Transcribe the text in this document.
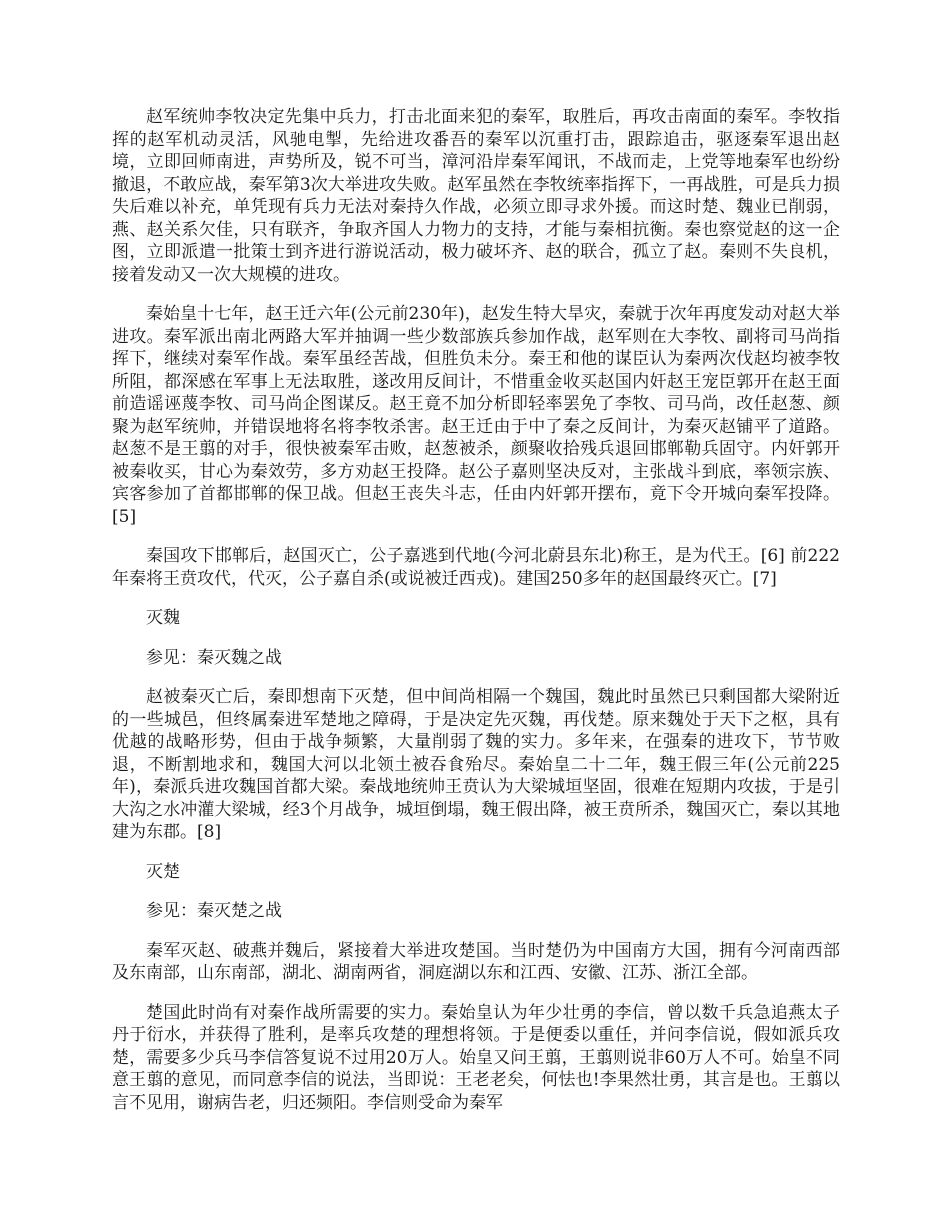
赵军统帅李牧决定先集中兵力，打击北面来犯的秦军，取胜后，再攻击南面的秦军。李牧指挥的赵军机动灵活，风驰电掣，先给进攻番吾的秦军以沉重打击，跟踪追击，驱逐秦军退出赵境，立即回师南进，声势所及，锐不可当，漳河沿岸秦军闻讯，不战而走，上党等地秦军也纷纷撤退，不敢应战，秦军第3次大举进攻失败。赵军虽然在李牧统率指挥下，一再战胜，可是兵力损失后难以补充，单凭现有兵力无法对秦持久作战，必须立即寻求外援。而这时楚、魏业已削弱，燕、赵关系欠佳，只有联齐，争取齐国人力物力的支持，才能与秦相抗衡。秦也察觉赵的这一企图，立即派遣一批策士到齐进行游说活动，极力破坏齐、赵的联合，孤立了赵。秦则不失良机，接着发动又一次大规模的进攻。

秦始皇十七年，赵王迁六年(公元前230年)，赵发生特大旱灾，秦就于次年再度发动对赵大举进攻。秦军派出南北两路大军并抽调一些少数部族兵参加作战，赵军则在大李牧、副将司马尚指挥下，继续对秦军作战。秦军虽经苦战，但胜负未分。秦王和他的谋臣认为秦两次伐赵均被李牧所阻，都深感在军事上无法取胜，遂改用反间计，不惜重金收买赵国内奸赵王宠臣郭开在赵王面前造谣诬蔑李牧、司马尚企图谋反。赵王竟不加分析即轻率罢免了李牧、司马尚，改任赵葱、颜聚为赵军统帅，并错误地将名将李牧杀害。赵王迁由于中了秦之反间计，为秦灭赵铺平了道路。赵葱不是王翦的对手，很快被秦军击败，赵葱被杀，颜聚收拾残兵退回邯郸勒兵固守。内奸郭开被秦收买，甘心为秦效劳，多方劝赵王投降。赵公子嘉则坚决反对，主张战斗到底，率领宗族、宾客参加了首都邯郸的保卫战。但赵王丧失斗志，任由内奸郭开摆布，竟下令开城向秦军投降。[5]

秦国攻下邯郸后，赵国灭亡，公子嘉逃到代地(今河北蔚县东北)称王，是为代王。[6] 前222年秦将王贲攻代，代灭，公子嘉自杀(或说被迁西戎)。建国250多年的赵国最终灭亡。[7]

灭魏

参见：秦灭魏之战

赵被秦灭亡后，秦即想南下灭楚，但中间尚相隔一个魏国，魏此时虽然已只剩国都大梁附近的一些城邑，但终属秦进军楚地之障碍，于是决定先灭魏，再伐楚。原来魏处于天下之枢，具有优越的战略形势，但由于战争频繁，大量削弱了魏的实力。多年来，在强秦的进攻下，节节败退，不断割地求和，魏国大河以北领土被吞食殆尽。秦始皇二十二年，魏王假三年(公元前225年)，秦派兵进攻魏国首都大梁。秦战地统帅王贲认为大梁城垣坚固，很难在短期内攻拔，于是引大沟之水冲灌大梁城，经3个月战争，城垣倒塌，魏王假出降，被王贲所杀，魏国灭亡，秦以其地建为东郡。[8]

灭楚

参见：秦灭楚之战

秦军灭赵、破燕并魏后，紧接着大举进攻楚国。当时楚仍为中国南方大国，拥有今河南西部及东南部，山东南部，湖北、湖南两省，洞庭湖以东和江西、安徽、江苏、浙江全部。

楚国此时尚有对秦作战所需要的实力。秦始皇认为年少壮勇的李信，曾以数千兵急追燕太子丹于衍水，并获得了胜利，是率兵攻楚的理想将领。于是便委以重任，并问李信说，假如派兵攻楚，需要多少兵马李信答复说不过用20万人。始皇又问王翦，王翦则说非60万人不可。始皇不同意王翦的意见，而同意李信的说法，当即说：王老老矣，何怯也!李果然壮勇，其言是也。王翦以言不见用，谢病告老，归还频阳。李信则受命为秦军
